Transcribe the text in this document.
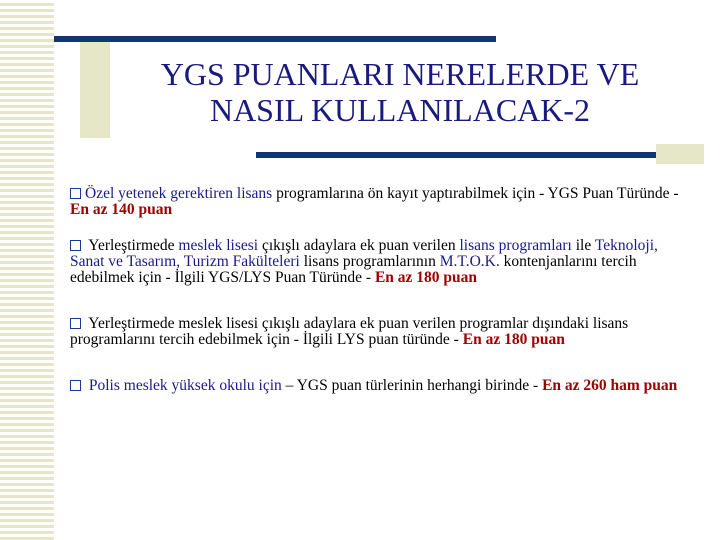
YGS PUANLARI NERELERDE VE
NASIL KULLANILACAK-2

Özel yetenek gerektiren lisans programlarına ön kayıt yaptırabilmek için - YGS Puan Türünde - En az 140 puan

Yerleştirmede meslek lisesi çıkışlı adaylara ek puan verilen lisans programları ile Teknoloji, Sanat ve Tasarım, Turizm Fakülteleri lisans programlarının M.T.O.K. kontenjanlarını tercih edebilmek için - İlgili YGS/LYS Puan Türünde - En az 180 puan

Yerleştirmede meslek lisesi çıkışlı adaylara ek puan verilen programlar dışındaki lisans programlarını tercih edebilmek için - İlgili LYS puan türünde - En az 180 puan

Polis meslek yüksek okulu için – YGS puan türlerinin herhangi birinde - En az 260 ham puan
